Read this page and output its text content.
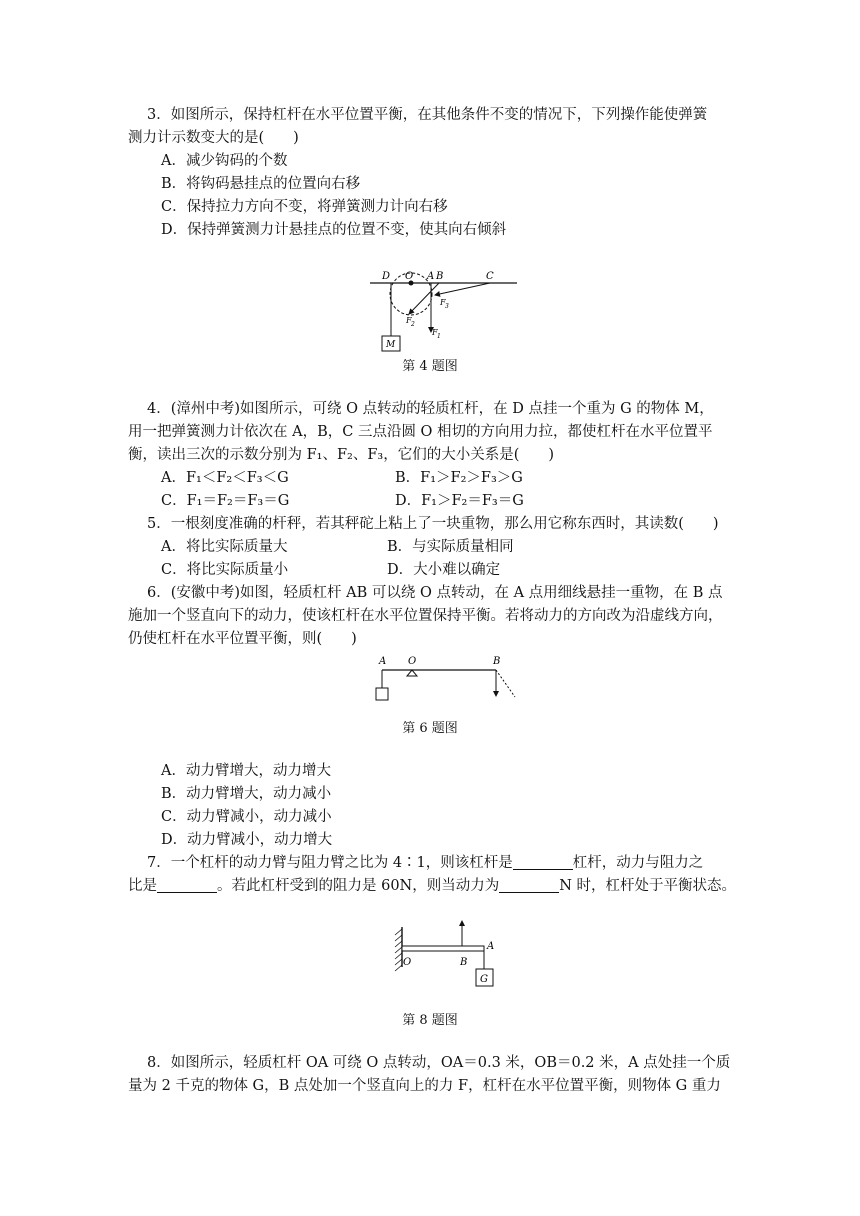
3．如图所示，保持杠杆在水平位置平衡，在其他条件不变的情况下，下列操作能使弹簧
测力计示数变大的是(　　)
A．减少钩码的个数
B．将钩码悬挂点的位置向右移
C．保持拉力方向不变，将弹簧测力计向右移
D．保持弹簧测力计悬挂点的位置不变，使其向右倾斜
D O A B	C
F 3
F 2
F 1
M
第 4 题图
4．(漳州中考)如图所示，可绕 O 点转动的轻质杠杆，在 D 点挂一个重为 G 的物体 M，
用一把弹簧测力计依次在 A，B，C 三点沿圆 O 相切的方向用力拉，都使杠杆在水平位置平
衡，读出三次的示数分别为 F₁、F₂、F₃，它们的大小关系是(　　)
A．F₁＜F₂＜F₃＜G	B．F₁＞F₂＞F₃＞G
C．F₁＝F₂＝F₃＝G	D．F₁＞F₂＝F₃＝G
5．一根刻度准确的杆秤，若其秤砣上粘上了一块重物，那么用它称东西时，其读数(　　)
A．将比实际质量大	B．与实际质量相同
C．将比实际质量小	D．大小难以确定
6．(安徽中考)如图，轻质杠杆 AB 可以绕 O 点转动，在 A 点用细线悬挂一重物，在 B 点
施加一个竖直向下的动力，使该杠杆在水平位置保持平衡。若将动力的方向改为沿虚线方向，
仍使杠杆在水平位置平衡，则(　　)
A O	B
第 6 题图
A．动力臂增大，动力增大
B．动力臂增大，动力减小
C．动力臂减小，动力减小
D．动力臂减小，动力增大
7．一个杠杆的动力臂与阻力臂之比为 4∶1，则该杠杆是	杠杆，动力与阻力之
比是	。若此杠杆受到的阻力是 60N，则当动力为	N 时，杠杆处于平衡状态。
O	B
A
G
第 8 题图
8．如图所示，轻质杠杆 OA 可绕 O 点转动，OA＝0.3 米，OB＝0.2 米，A 点处挂一个质
量为 2 千克的物体 G，B 点处加一个竖直向上的力 F，杠杆在水平位置平衡，则物体 G 重力
